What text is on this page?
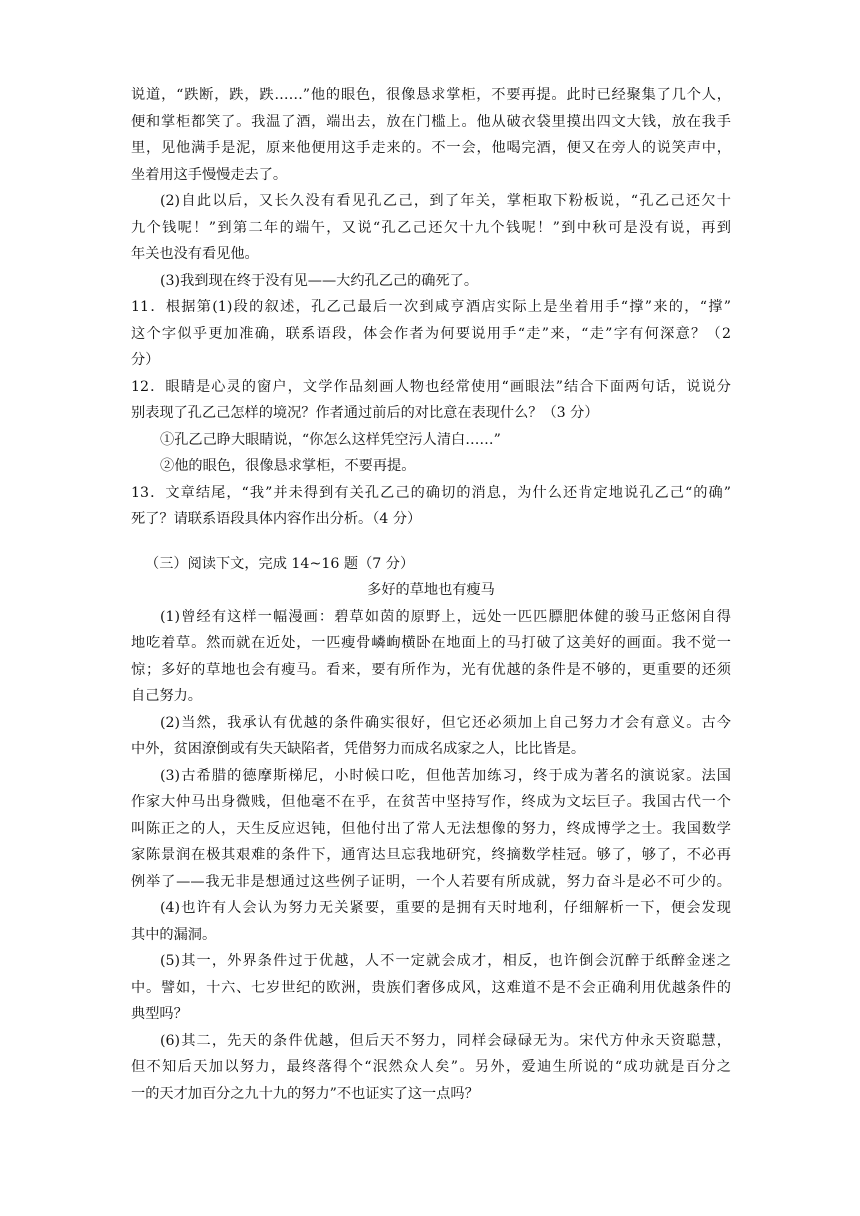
说道，“跌断，跌，跌……”他的眼色，很像恳求掌柜，不要再提。此时已经聚集了几个人，
便和掌柜都笑了。我温了酒，端出去，放在门槛上。他从破衣袋里摸出四文大钱，放在我手
里，见他满手是泥，原来他便用这手走来的。不一会，他喝完酒，便又在旁人的说笑声中，
坐着用这手慢慢走去了。
(2)自此以后，又长久没有看见孔乙己，到了年关，掌柜取下粉板说，“孔乙己还欠十
九个钱呢！”到第二年的端午，又说“孔乙己还欠十九个钱呢！”到中秋可是没有说，再到
年关也没有看见他。
(3)我到现在终于没有见——大约孔乙己的确死了。
11．根据第(1)段的叙述，孔乙己最后一次到咸亨酒店实际上是坐着用手“撑”来的，“撑”
这个字似乎更加准确，联系语段，体会作者为何要说用手“走”来，“走”字有何深意？（2
分）
12．眼睛是心灵的窗户，文学作品刻画人物也经常使用“画眼法”结合下面两句话，说说分
别表现了孔乙己怎样的境况？作者通过前后的对比意在表现什么？（3 分）
①孔乙己睁大眼睛说，“你怎么这样凭空污人清白……”
②他的眼色，很像恳求掌柜，不要再提。
13．文章结尾，“我”并未得到有关孔乙己的确切的消息，为什么还肯定地说孔乙己“的确”
死了？请联系语段具体内容作出分析。（4 分）
（三）阅读下文，完成 14~16 题（7 分）
多好的草地也有瘦马
(1)曾经有这样一幅漫画：碧草如茵的原野上，远处一匹匹膘肥体健的骏马正悠闲自得
地吃着草。然而就在近处，一匹瘦骨嶙峋横卧在地面上的马打破了这美好的画面。我不觉一
惊；多好的草地也会有瘦马。看来，要有所作为，光有优越的条件是不够的，更重要的还须
自己努力。
(2)当然，我承认有优越的条件确实很好，但它还必须加上自己努力才会有意义。古今
中外，贫困潦倒或有失天缺陷者，凭借努力而成名成家之人，比比皆是。
(3)古希腊的德摩斯梯尼，小时候口吃，但他苦加练习，终于成为著名的演说家。法国
作家大仲马出身微贱，但他毫不在乎，在贫苦中坚持写作，终成为文坛巨子。我国古代一个
叫陈正之的人，天生反应迟钝，但他付出了常人无法想像的努力，终成博学之士。我国数学
家陈景润在极其艰难的条件下，通宵达旦忘我地研究，终摘数学桂冠。够了，够了，不必再
例举了——我无非是想通过这些例子证明，一个人若要有所成就，努力奋斗是必不可少的。
(4)也许有人会认为努力无关紧要，重要的是拥有天时地利，仔细解析一下，便会发现
其中的漏洞。
(5)其一，外界条件过于优越，人不一定就会成才，相反，也许倒会沉醉于纸醉金迷之
中。譬如，十六、七岁世纪的欧洲，贵族们奢侈成风，这难道不是不会正确利用优越条件的
典型吗？
(6)其二，先天的条件优越，但后天不努力，同样会碌碌无为。宋代方仲永天资聪慧，
但不知后天加以努力，最终落得个“泯然众人矣”。另外，爱迪生所说的“成功就是百分之
一的天才加百分之九十九的努力”不也证实了这一点吗？
